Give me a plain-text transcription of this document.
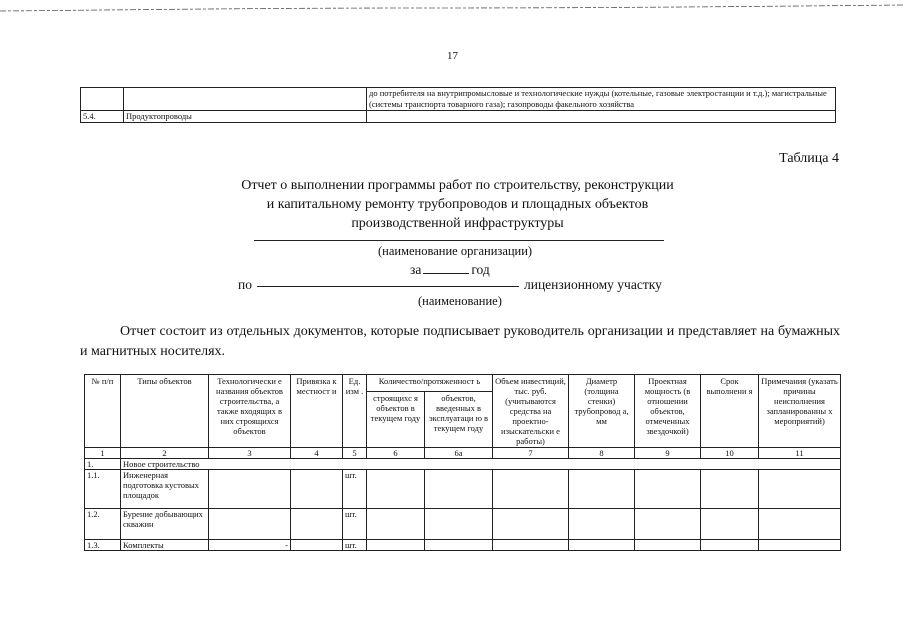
17
		до потребителя на внутрипромысловые и технологические нужды (котельные, газовые электростанции и т.д.); магистральные (системы транспорта товарного газа); газопроводы факельного хозяйства
5.4.	Продуктопроводы	
Таблица 4
Отчет о выполнении программы работ по строительству, реконструкции
и капитальному ремонту трубопроводов и площадных объектов
производственной инфраструктуры
(наименование организации)
за	год
по	лицензионному участку
(наименование)
Отчет состоит из отдельных документов, которые подписывает руководитель организации и представляет на бумажных и магнитных носителях.
№ п/п	Типы объектов	Технологически е названия объектов строительства, а также входящих в них строящихся объектов	Привязка к местност и	Ед. изм .	Количество/протяженност ь		Объем инвестиций, тыс. руб. (учитываются средства на проектно-изыскательски е работы)	Диаметр (толщина стенки) трубопровод а, мм	Проектная мощность (в отношении объектов, отмеченных звездочкой)	Срок выполнени я	Примечания (указать причины неисполнения запланированны х мероприятий)
					строящихс я объектов в текущем году	объектов, введенных в эксплуатаци ю в текущем году					
1	2	3	4	5	6	6а	7	8	9	10	11
1.	Новое строительство										
1.1.	Инженерная подготовка кустовых площадок			шт.							
1.2.	Бурение добывающих скважин			шт.							
1.3.	Комплекты	-		шт.							
